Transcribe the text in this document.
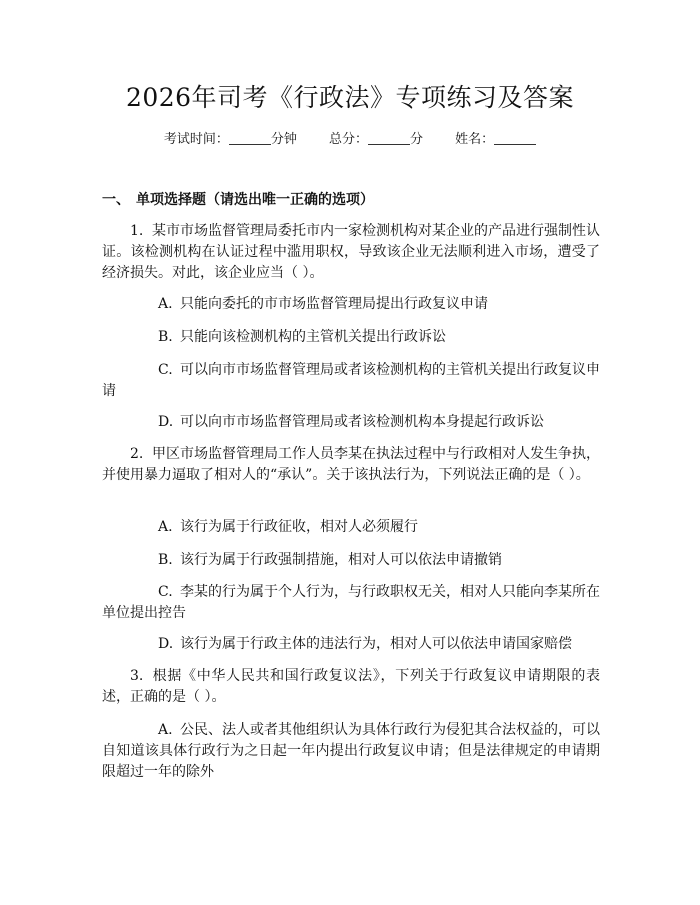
2026年司考《行政法》专项练习及答案
考试时间：	分钟 总分：	分 姓名：
一、 单项选择题（请选出唯一正确的选项）
1. 某市市场监督管理局委托市内一家检测机构对某企业的产品进行强制性认证。该检测机构在认证过程中滥用职权，导致该企业无法顺利进入市场，遭受了经济损失。对此，该企业应当（ ）。
A. 只能向委托的市市场监督管理局提出行政复议申请
B. 只能向该检测机构的主管机关提出行政诉讼
C. 可以向市市场监督管理局或者该检测机构的主管机关提出行政复议申请
D. 可以向市市场监督管理局或者该检测机构本身提起行政诉讼
2. 甲区市场监督管理局工作人员李某在执法过程中与行政相对人发生争执，并使用暴力逼取了相对人的“承认”。关于该执法行为，下列说法正确的是（ ）。
A. 该行为属于行政征收，相对人必须履行
B. 该行为属于行政强制措施，相对人可以依法申请撤销
C. 李某的行为属于个人行为，与行政职权无关，相对人只能向李某所在单位提出控告
D. 该行为属于行政主体的违法行为，相对人可以依法申请国家赔偿
3. 根据《中华人民共和国行政复议法》，下列关于行政复议申请期限的表述，正确的是（ ）。
A. 公民、法人或者其他组织认为具体行政行为侵犯其合法权益的，可以自知道该具体行政行为之日起一年内提出行政复议申请；但是法律规定的申请期限超过一年的除外
